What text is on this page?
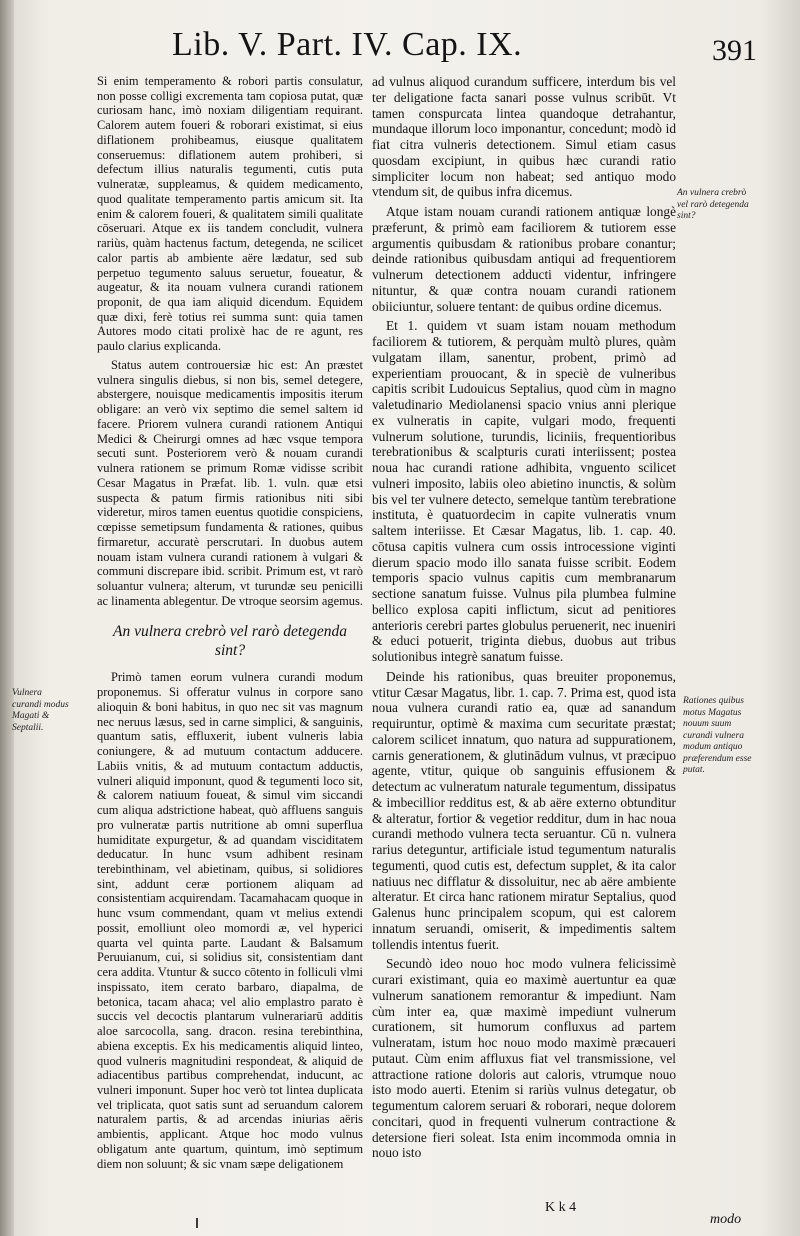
Lib. V. Part. IV. Cap. IX.	391

Si enim temperamento & robori partis consulatur, non posse colligi excrementa tam copiosa putat, quæ curiosam hanc, imò noxiam diligentiam requirant. Calorem autem foueri & roborari existimat, si eius diflationem prohibeamus, eiusque qualitatem conseruemus: diflationem autem prohiberi, si defectum illius naturalis tegumenti, cutis puta vulneratæ, suppleamus, & quidem medicamento, quod qualitate temperamento partis amicum sit. Ita enim & calorem foueri, & qualitatem simili qualitate cōseruari. Atque ex iis tandem concludit, vulnera rariùs, quàm hactenus factum, detegenda, ne scilicet calor partis ab ambiente aëre lædatur, sed sub perpetuo tegumento saluus seruetur, foueatur, & augeatur, & ita nouam vulnera curandi rationem proponit, de qua iam aliquid dicendum. Equidem quæ dixi, ferè totius rei summa sunt: quia tamen Autores modo citati prolixè hac de re agunt, res paulo clarius explicanda.

Status autem controuersiæ hic est: An præstet vulnera singulis diebus, si non bis, semel detegere, abstergere, nouisque medicamentis impositis iterum obligare: an verò vix septimo die semel saltem id facere. Priorem vulnera curandi rationem Antiqui Medici & Cheirurgi omnes ad hæc vsque tempora secuti sunt. Posteriorem verò & nouam curandi vulnera rationem se primum Romæ vidisse scribit Cesar Magatus in Præfat. lib. 1. vuln. quæ etsi suspecta & patum firmis rationibus niti sibi videretur, miros tamen euentus quotidie conspiciens, cœpisse semetipsum fundamenta & rationes, quibus firmaretur, accuratè perscrutari. In duobus autem nouam istam vulnera curandi rationem à vulgari & communi discrepare ibid. scribit. Primum est, vt rarò soluantur vulnera; alterum, vt turundæ seu penicilli ac linamenta ablegentur. De vtroque seorsim agemus.

An vulnera crebrò vel rarò detegenda sint?

Primò tamen eorum vulnera curandi modum proponemus. Si offeratur vulnus in corpore sano alioquin & boni habitus, in quo nec sit vas magnum nec neruus læsus, sed in carne simplici, & sanguinis, quantum satis, effluxerit, iubent vulneris labia coniungere, & ad mutuum contactum adducere. Labiis vnitis, & ad mutuum contactum adductis, vulneri aliquid imponunt, quod & tegumenti loco sit, & calorem natiuum foueat, & simul vim siccandi cum aliqua adstrictione habeat, quò affluens sanguis pro vulneratæ partis nutritione ab omni superflua humiditate expurgetur, & ad quandam visciditatem deducatur. In hunc vsum adhibent resinam terebinthinam, vel abietinam, quibus, si solidiores sint, addunt ceræ portionem aliquam ad consistentiam acquirendam. Tacamahacam quoque in hunc vsum commendant, quam vt melius extendi possit, emolliunt oleo momordi æ, vel hyperici quarta vel quinta parte. Laudant & Balsamum Peruuianum, cui, si solidius sit, consistentiam dant cera addita. Vtuntur & succo cōtento in folliculi vlmi inspissato, item cerato barbaro, diapalma, de betonica, tacam ahaca; vel alio emplastro parato è succis vel decoctis plantarum vulnerariarū additis aloe sarcocolla, sang. dracon. resina terebinthina, abiena exceptis. Ex his medicamentis aliquid linteo, quod vulneris magnitudini respondeat, & aliquid de adiacentibus partibus comprehendat, inducunt, ac vulneri imponunt. Super hoc verò tot lintea duplicata vel triplicata, quot satis sunt ad seruandum calorem naturalem partis, & ad arcendas iniurias aëris ambientis, applicant. Atque hoc modo vulnus obligatum ante quartum, quintum, imò septimum diem non soluunt; & sic vnam sæpe deligationem

ad vulnus aliquod curandum sufficere, interdum bis vel ter deligatione facta sanari posse vulnus scribūt. Vt tamen conspurcata lintea quandoque detrahantur, mundaque illorum loco imponantur, concedunt; modò id fiat citra vulneris detectionem. Simul etiam casus quosdam excipiunt, in quibus hæc curandi ratio simpliciter locum non habeat; sed antiquo modo vtendum sit, de quibus infra dicemus.

Atque istam nouam curandi rationem antiquæ longè præferunt, & primò eam faciliorem & tutiorem esse argumentis quibusdam & rationibus probare conantur; deinde rationibus quibusdam antiqui ad frequentiorem vulnerum detectionem adducti videntur, infringere nituntur, & quæ contra nouam curandi rationem obiiciuntur, soluere tentant: de quibus ordine dicemus.

Et 1. quidem vt suam istam nouam methodum faciliorem & tutiorem, & perquàm multò plures, quàm vulgatam illam, sanentur, probent, primò ad experientiam prouocant, & in speciè de vulneribus capitis scribit Ludouicus Septalius, quod cùm in magno valetudinario Mediolanensi spacio vnius anni plerique ex vulneratis in capite, vulgari modo, frequenti vulnerum solutione, turundis, liciniis, frequentioribus terebrationibus & scalpturis curati interiissent; postea noua hac curandi ratione adhibita, vnguento scilicet vulneri imposito, labiis oleo abietino inunctis, & solùm bis vel ter vulnere detecto, semelque tantùm terebratione instituta, è quatuordecim in capite vulneratis vnum saltem interiisse. Et Cæsar Magatus, lib. 1. cap. 40. cōtusa capitis vulnera cum ossis introcessione viginti dierum spacio modo illo sanata fuisse scribit. Eodem temporis spacio vulnus capitis cum membranarum sectione sanatum fuisse. Vulnus pila plumbea fulmine bellico explosa capiti inflictum, sicut ad penitiores anterioris cerebri partes globulus peruenerit, nec inueniri & educi potuerit, triginta diebus, duobus aut tribus solutionibus integrè sanatum fuisse.

Deinde his rationibus, quas breuiter proponemus, vtitur Cæsar Magatus, libr. 1. cap. 7. Prima est, quod ista noua vulnera curandi ratio ea, quæ ad sanandum requiruntur, optimè & maxima cum securitate præstat; calorem scilicet innatum, quo natura ad suppurationem, carnis generationem, & glutinādum vulnus, vt præcipuo agente, vtitur, quique ob sanguinis effusionem & detectum ac vulneratum naturale tegumentum, dissipatus & imbecillior redditus est, & ab aëre externo obtunditur & alteratur, fortior & vegetior redditur, dum in hac noua curandi methodo vulnera tecta seruantur. Cū n. vulnera rarius deteguntur, artificiale istud tegumentum naturalis tegumenti, quod cutis est, defectum supplet, & ita calor natiuus nec difflatur & dissoluitur, nec ab aëre ambiente alteratur. Et circa hanc rationem miratur Septalius, quod Galenus hunc principalem scopum, qui est calorem innatum seruandi, omiserit, & impedimentis saltem tollendis intentus fuerit.

Secundò ideo nouo hoc modo vulnera felicissimè curari existimant, quia eo maximè auertuntur ea quæ vulnerum sanationem remorantur & impediunt. Nam cùm inter ea, quæ maximè impediunt vulnerum curationem, sit humorum confluxus ad partem vulneratam, istum hoc nouo modo maximè præcaueri putaut. Cùm enim affluxus fiat vel transmissione, vel attractione ratione doloris aut caloris, vtrumque nouo isto modo auerti. Etenim si rariùs vulnus detegatur, ob tegumentum calorem seruari & roborari, neque dolorem concitari, quod in frequenti vulnerum contractione & detersione fieri soleat. Ista enim incommoda omnia in nouo isto

Vulnera curandi modus Magati & Septalii.
An vulnera crebrò vel rarò detegenda sint?
Rationes quibus motus Magatus nouum suum curandi vulnera modum antiquo præferendum esse putat.
K k 4
modo
